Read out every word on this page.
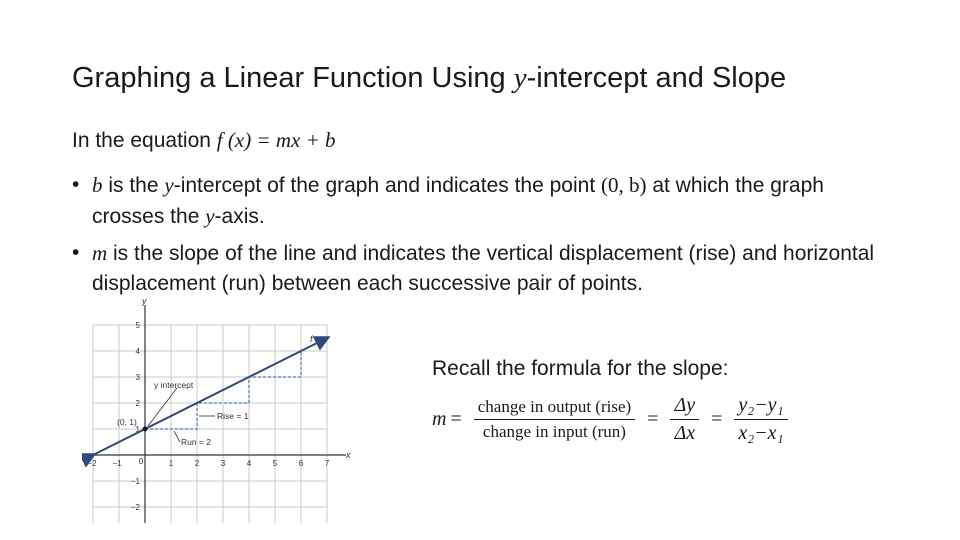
Graphing a Linear Function Using y-intercept and Slope
In the equation f (x) = mx + b
• b is the y-intercept of the graph and indicates the point (0, b) at which the graph crosses the y-axis.
• m is the slope of the line and indicates the vertical displacement (rise) and horizontal displacement (run) between each successive pair of points.
y
x
−2 −1 0	1	2	3	4	5	6	7
5
4
3
2
1
−1
−2
f
y intercept
(0, 1)
Rise = 1
Run = 2
Recall the formula for the slope:
$m = \frac{\text{change in output (rise)}}{\text{change in input (run)}} = \frac{\Delta y}{\Delta x} = \frac{\text{y₂−y₁}}{\text{x₂−x₁}}$
